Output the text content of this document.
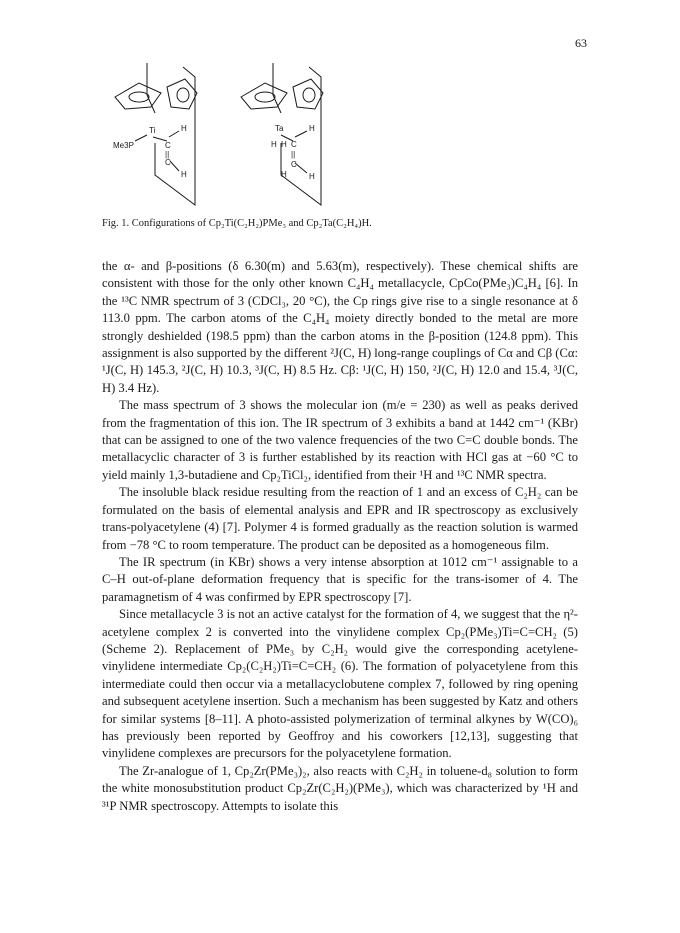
63
Ti
Me3P	C
||
C
H
H
Ta
H H C
||
C
H
H	H
Fig. 1. Configurations of Cp₂Ti(C₂H₂)PMe₃ and Cp₂Ta(C₂H₄)H.

the α- and β-positions (δ 6.30(m) and 5.63(m), respectively). These chemical shifts are consistent with those for the only other known C₄H₄ metallacycle, CpCo(PMe₃)C₄H₄ [6]. In the ¹³C NMR spectrum of 3 (CDCl₃, 20 °C), the Cp rings give rise to a single resonance at δ 113.0 ppm. The carbon atoms of the C₄H₄ moiety directly bonded to the metal are more strongly deshielded (198.5 ppm) than the carbon atoms in the β-position (124.8 ppm). This assignment is also supported by the different ²J(C, H) long-range couplings of Cα and Cβ (Cα: ¹J(C, H) 145.3, ²J(C, H) 10.3, ³J(C, H) 8.5 Hz. Cβ: ¹J(C, H) 150, ²J(C, H) 12.0 and 15.4, ³J(C, H) 3.4 Hz).

The mass spectrum of 3 shows the molecular ion (m/e = 230) as well as peaks derived from the fragmentation of this ion. The IR spectrum of 3 exhibits a band at 1442 cm⁻¹ (KBr) that can be assigned to one of the two valence frequencies of the two C=C double bonds. The metallacyclic character of 3 is further established by its reaction with HCl gas at −60 °C to yield mainly 1,3-butadiene and Cp₂TiCl₂, identified from their ¹H and ¹³C NMR spectra.

The insoluble black residue resulting from the reaction of 1 and an excess of C₂H₂ can be formulated on the basis of elemental analysis and EPR and IR spectroscopy as exclusively trans-polyacetylene (4) [7]. Polymer 4 is formed gradually as the reaction solution is warmed from −78 °C to room temperature. The product can be deposited as a homogeneous film.

The IR spectrum (in KBr) shows a very intense absorption at 1012 cm⁻¹ assignable to a C–H out-of-plane deformation frequency that is specific for the trans-isomer of 4. The paramagnetism of 4 was confirmed by EPR spectroscopy [7].

Since metallacycle 3 is not an active catalyst for the formation of 4, we suggest that the η²-acetylene complex 2 is converted into the vinylidene complex Cp₂(PMe₃)Ti=C=CH₂ (5) (Scheme 2). Replacement of PMe₃ by C₂H₂ would give the corresponding acetylene-vinylidene intermediate Cp₂(C₂H₂)Ti=C=CH₂ (6). The formation of polyacetylene from this intermediate could then occur via a metallacyclobutene complex 7, followed by ring opening and subsequent acetylene insertion. Such a mechanism has been suggested by Katz and others for similar systems [8–11]. A photo-assisted polymerization of terminal alkynes by W(CO)₆ has previously been reported by Geoffroy and his coworkers [12,13], suggesting that vinylidene complexes are precursors for the polyacetylene formation.

The Zr-analogue of 1, Cp₂Zr(PMe₃)₂, also reacts with C₂H₂ in toluene-d₈ solution to form the white monosubstitution product Cp₂Zr(C₂H₂)(PMe₃), which was characterized by ¹H and ³¹P NMR spectroscopy. Attempts to isolate this
